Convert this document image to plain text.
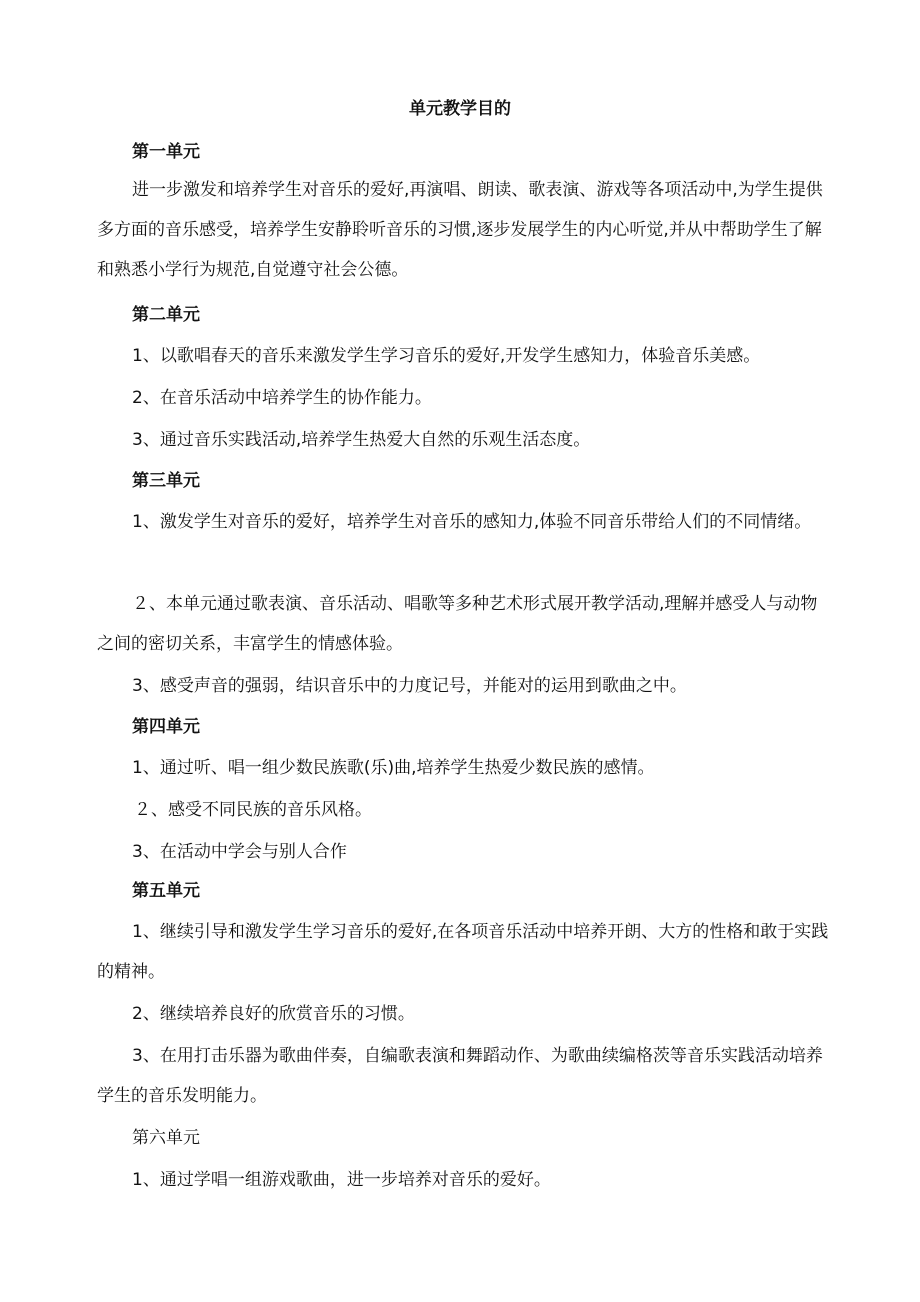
单元教学目的

第一单元

进一步激发和培养学生对音乐的爱好,再演唱、朗读、歌表演、游戏等各项活动中,为学生提供多方面的音乐感受，培养学生安静聆听音乐的习惯,逐步发展学生的内心听觉,并从中帮助学生了解和熟悉小学行为规范,自觉遵守社会公德。

第二单元

1、以歌唱春天的音乐来激发学生学习音乐的爱好,开发学生感知力，体验音乐美感。

2、在音乐活动中培养学生的协作能力。

3、通过音乐实践活动,培养学生热爱大自然的乐观生活态度。

第三单元

1、激发学生对音乐的爱好，培养学生对音乐的感知力,体验不同音乐带给人们的不同情绪。

２、本单元通过歌表演、音乐活动、唱歌等多种艺术形式展开教学活动,理解并感受人与动物之间的密切关系，丰富学生的情感体验。

3、感受声音的强弱，结识音乐中的力度记号，并能对的运用到歌曲之中。

第四单元

1、通过听、唱一组少数民族歌(乐)曲,培养学生热爱少数民族的感情。

２、感受不同民族的音乐风格。

3、在活动中学会与别人合作

第五单元

1、继续引导和激发学生学习音乐的爱好,在各项音乐活动中培养开朗、大方的性格和敢于实践的精神。

2、继续培养良好的欣赏音乐的习惯。

3、在用打击乐器为歌曲伴奏，自编歌表演和舞蹈动作、为歌曲续编格茨等音乐实践活动培养学生的音乐发明能力。

第六单元

1、通过学唱一组游戏歌曲，进一步培养对音乐的爱好。
